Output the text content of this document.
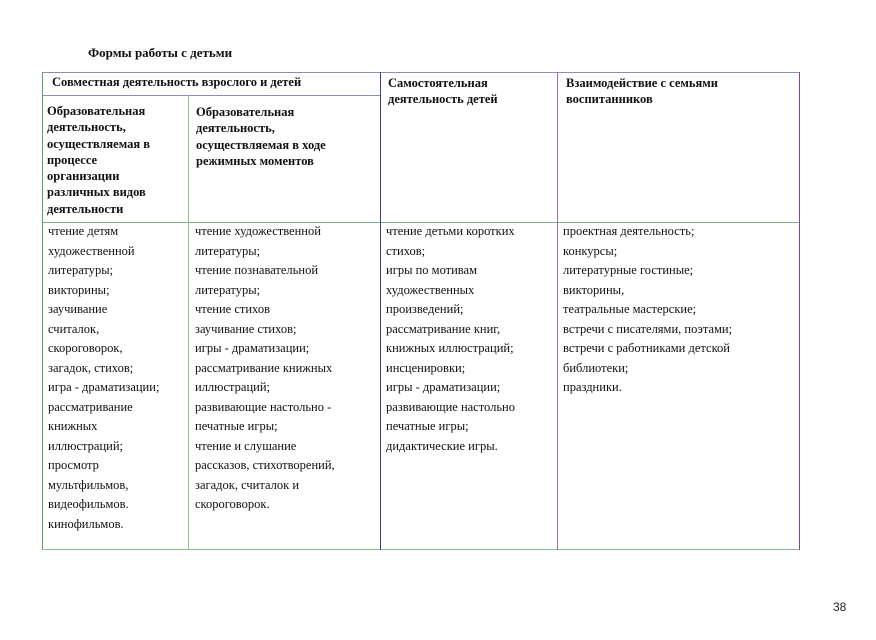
Формы работы с детьми
Совместная деятельность взрослого и детей	Самостоятельная
деятельность детей
Взаимодействие с семьями
воспитанников
Образовательная
деятельность,
осуществляемая в
процессе
организации
различных видов
деятельности
Образовательная
деятельность,
осуществляемая в ходе
режимных моментов
чтение детям
художественной
литературы;
викторины;
заучивание
считалок,
скороговорок,
загадок, стихов;
игра - драматизации;
рассматривание
книжных
иллюстраций;
просмотр
мультфильмов,
видеофильмов.
кинофильмов.
чтение художественной
литературы;
чтение познавательной
литературы;
чтение стихов
заучивание стихов;
игры - драматизации;
рассматривание книжных
иллюстраций;
развивающие настольно -
печатные игры;
чтение и слушание
рассказов, стихотворений,
загадок, считалок и
скороговорок.
чтение детьми коротких
стихов;
игры по мотивам
художественных
произведений;
рассматривание книг,
книжных иллюстраций;
инсценировки;
игры - драматизации;
развивающие настольно
печатные игры;
дидактические игры.
проектная деятельность;
конкурсы;
литературные гостиные;
викторины,
театральные мастерские;
встречи с писателями, поэтами;
встречи с работниками детской
библиотеки;
праздники.
38
